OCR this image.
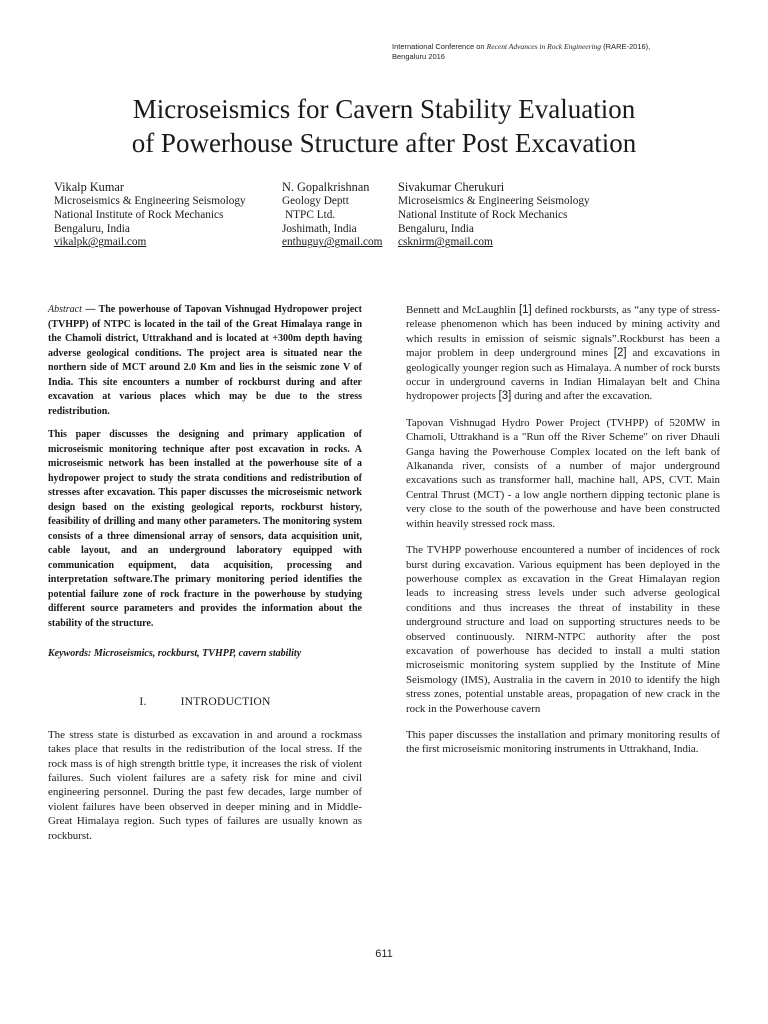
International Conference on Recent Advances in Rock Engineering (RARE-2016),
Bengaluru 2016
Microseismics for Cavern Stability Evaluation
of Powerhouse Structure after Post Excavation
Vikalp Kumar
Microseismics & Engineering Seismology
National Institute of Rock Mechanics
Bengaluru, India
vikalpk@gmail.com
N. Gopalkrishnan
Geology Deptt
NTPC Ltd.
Joshimath, India
enthuguy@gmail.com
Sivakumar Cherukuri
Microseismics & Engineering Seismology
National Institute of Rock Mechanics
Bengaluru, India
csknirm@gmail.com

Abstract — The powerhouse of Tapovan Vishnugad Hydropower project (TVHPP) of NTPC is located in the tail of the Great Himalaya range in the Chamoli district, Uttrakhand and is located at +300m depth having adverse geological conditions. The project area is situated near the northern side of MCT around 2.0 Km and lies in the seismic zone V of India. This site encounters a number of rockburst during and after excavation at various places which may be due to the stress redistribution.

This paper discusses the designing and primary application of microseismic monitoring technique after post excavation in rocks. A microseismic network has been installed at the powerhouse site of a hydropower project to study the strata conditions and redistribution of stresses after excavation. This paper discusses the microseismic network design based on the existing geological reports, rockburst history, feasibility of drilling and many other parameters. The monitoring system consists of a three dimensional array of sensors, data acquisition unit, cable layout, and an underground laboratory equipped with communication equipment, data acquisition, processing and interpretation software.The primary monitoring period identifies the potential failure zone of rock fracture in the powerhouse by studying different source parameters and provides the information about the stability of the structure.

Keywords: Microseismics, rockburst, TVHPP, cavern stability

I.	INTRODUCTION

The stress state is disturbed as excavation in and around a rockmass takes place that results in the redistribution of the local stress. If the rock mass is of high strength brittle type, it increases the risk of violent failures. Such violent failures are a safety risk for mine and civil engineering personnel. During the past few decades, large number of violent failures have been observed in deeper mining and in Middle-Great Himalaya region. Such types of failures are usually known as rockburst.

Bennett and McLaughlin [1] defined rockbursts, as “any type of stress-release phenomenon which has been induced by mining activity and which results in emission of seismic signals”.Rockburst has been a major problem in deep underground mines [2] and excavations in geologically younger region such as Himalaya. A number of rock bursts occur in underground caverns in Indian Himalayan belt and China hydropower projects [3] during and after the excavation.

Tapovan Vishnugad Hydro Power Project (TVHPP) of 520MW in Chamoli, Uttrakhand is a "Run off the River Scheme" on river Dhauli Ganga having the Powerhouse Complex located on the left bank of Alkananda river, consists of a number of major underground excavations such as transformer hall, machine hall, APS, CVT. Main Central Thrust (MCT) - a low angle northern dipping tectonic plane is very close to the south of the powerhouse and have been constructed within heavily stressed rock mass.

The TVHPP powerhouse encountered a number of incidences of rock burst during excavation. Various equipment has been deployed in the powerhouse complex as excavation in the Great Himalayan region leads to increasing stress levels under such adverse geological conditions and thus increases the threat of instability in these underground structure and load on supporting structures needs to be observed continuously. NIRM-NTPC authority after the post excavation of powerhouse has decided to install a multi station microseismic monitoring system supplied by the Institute of Mine Seismology (IMS), Australia in the cavern in 2010 to identify the high stress zones, potential unstable areas, propagation of new crack in the rock in the Powerhouse cavern

This paper discusses the installation and primary monitoring results of the first microseismic monitoring instruments in Uttrakhand, India.

611
